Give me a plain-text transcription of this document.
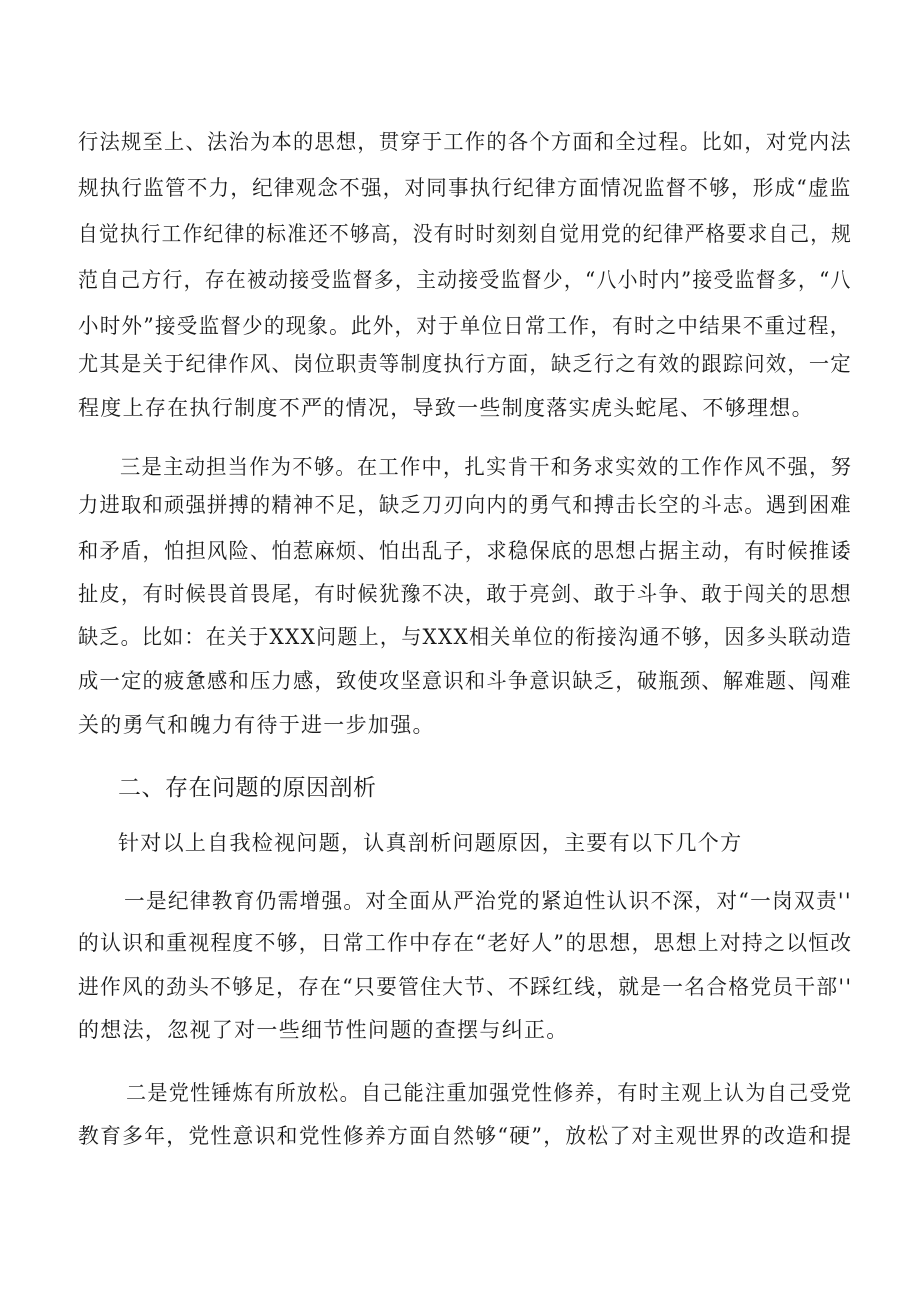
行法规至上、法治为本的思想，贯穿于工作的各个方面和全过程。比如，对党内法
规执行监管不力，纪律观念不强，对同事执行纪律方面情况监督不够，形成“虚监
自觉执行工作纪律的标准还不够高，没有时时刻刻自觉用党的纪律严格要求自己，规
范自己方行，存在被动接受监督多，主动接受监督少，“八小时内”接受监督多，“八
小时外”接受监督少的现象。此外，对于单位日常工作，有时之中结果不重过程，
尤其是关于纪律作风、岗位职责等制度执行方面，缺乏行之有效的跟踪问效，一定
程度上存在执行制度不严的情况，导致一些制度落实虎头蛇尾、不够理想。
三是主动担当作为不够。在工作中，扎实肯干和务求实效的工作作风不强，努
力进取和顽强拼搏的精神不足，缺乏刀刃向内的勇气和搏击长空的斗志。遇到困难
和矛盾，怕担风险、怕惹麻烦、怕出乱子，求稳保底的思想占据主动，有时候推诿
扯皮，有时候畏首畏尾，有时候犹豫不决，敢于亮剑、敢于斗争、敢于闯关的思想
缺乏。比如：在关于XXX问题上，与XXX相关单位的衔接沟通不够，因多头联动造
成一定的疲惫感和压力感，致使攻坚意识和斗争意识缺乏，破瓶颈、解难题、闯难
关的勇气和魄力有待于进一步加强。
二、存在问题的原因剖析
针对以上自我检视问题，认真剖析问题原因，主要有以下几个方
一是纪律教育仍需增强。对全面从严治党的紧迫性认识不深，对“一岗双责''
的认识和重视程度不够，日常工作中存在“老好人”的思想，思想上对持之以恒改
进作风的劲头不够足，存在“只要管住大节、不踩红线，就是一名合格党员干部''
的想法，忽视了对一些细节性问题的查摆与纠正。
二是党性锤炼有所放松。自己能注重加强党性修养，有时主观上认为自己受党
教育多年，党性意识和党性修养方面自然够“硬”，放松了对主观世界的改造和提
